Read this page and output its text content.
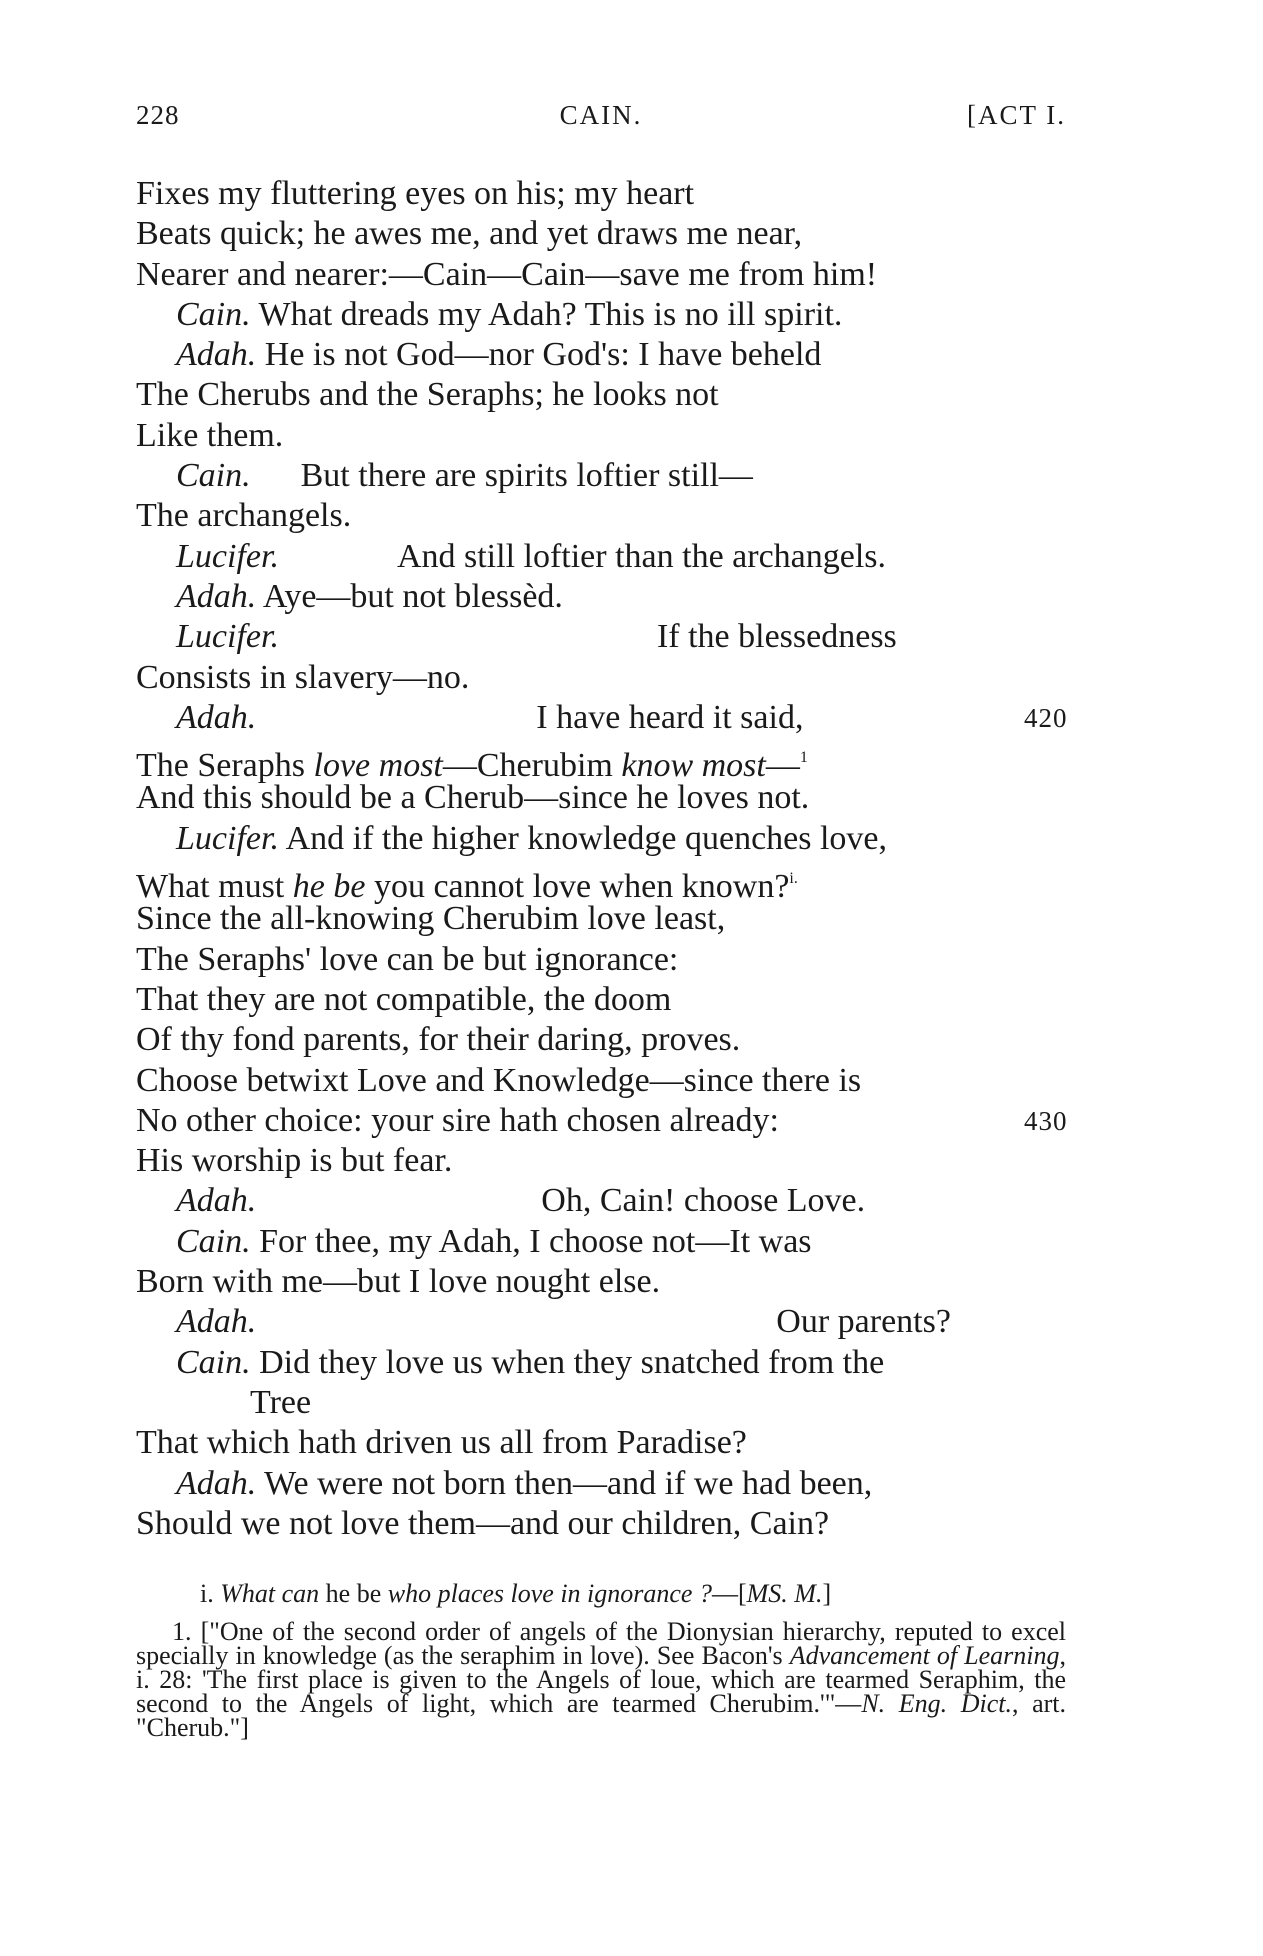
228	CAIN.	[ACT I.
Fixes my fluttering eyes on his; my heart
Beats quick; he awes me, and yet draws me near,
Nearer and nearer:—Cain—Cain—save me from him!
Cain. What dreads my Adah? This is no ill spirit.
Adah. He is not God—nor God's: I have beheld
The Cherubs and the Seraphs; he looks not
Like them.
Cain. But there are spirits loftier still—
The archangels.
Lucifer.	And still loftier than the archangels.
Adah. Aye—but not blessèd.
Lucifer.	If the blessedness
Consists in slavery—no.
Adah.	I have heard it said,	420
The Seraphs love most—Cherubim know most—$^1$
And this should be a Cherub—since he loves not.
Lucifer. And if the higher knowledge quenches love,
What must he be you cannot love when known?$^{i.}$
Since the all-knowing Cherubim love least,
The Seraphs' love can be but ignorance:
That they are not compatible, the doom
Of thy fond parents, for their daring, proves.
Choose betwixt Love and Knowledge—since there is
No other choice: your sire hath chosen already:	430
His worship is but fear.
Adah.	Oh, Cain! choose Love.
Cain. For thee, my Adah, I choose not—It was
Born with me—but I love nought else.
Adah.	Our parents?
Cain. Did they love us when they snatched from the
Tree
That which hath driven us all from Paradise?
Adah. We were not born then—and if we had been,
Should we not love them—and our children, Cain?
i. What can he be who places love in ignorance ?—[MS. M.]
1. ["One of the second order of angels of the Dionysian hierarchy, reputed to excel specially in knowledge (as the seraphim in love). See Bacon's Advancement of Learning, i. 28: 'The first place is given to the Angels of loue, which are tearmed Seraphim, the second to the Angels of light, which are tearmed Cherubim.'"—N. Eng. Dict., art. "Cherub."]
